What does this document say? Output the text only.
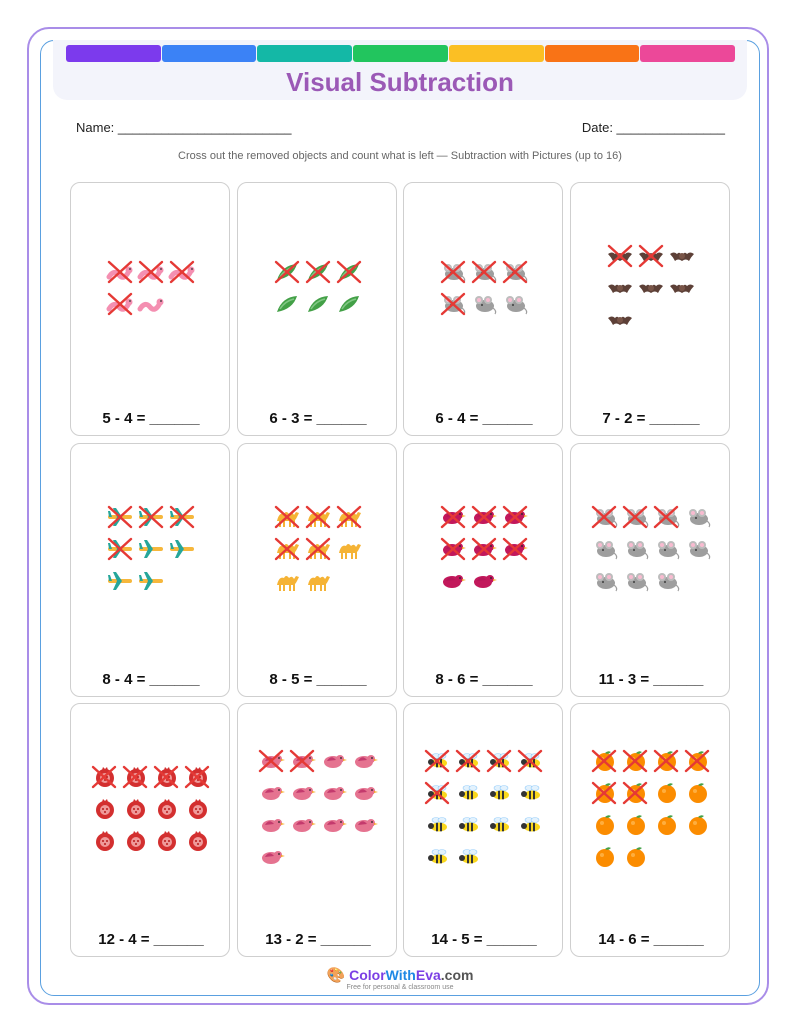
Visual Subtraction
Name: ________________________	Date: _______________
Cross out the removed objects and count what is left — Subtraction with Pictures (up to 16)
5 - 4 = ______	6 - 3 = ______	6 - 4 = ______	7 - 2 = ______
8 - 4 = ______	8 - 5 = ______	8 - 6 = ______	11 - 3 = ______
12 - 4 = ______	13 - 2 = ______	14 - 5 = ______	14 - 6 = ______
🎨 ColorWithEva.com
Free for personal & classroom use
